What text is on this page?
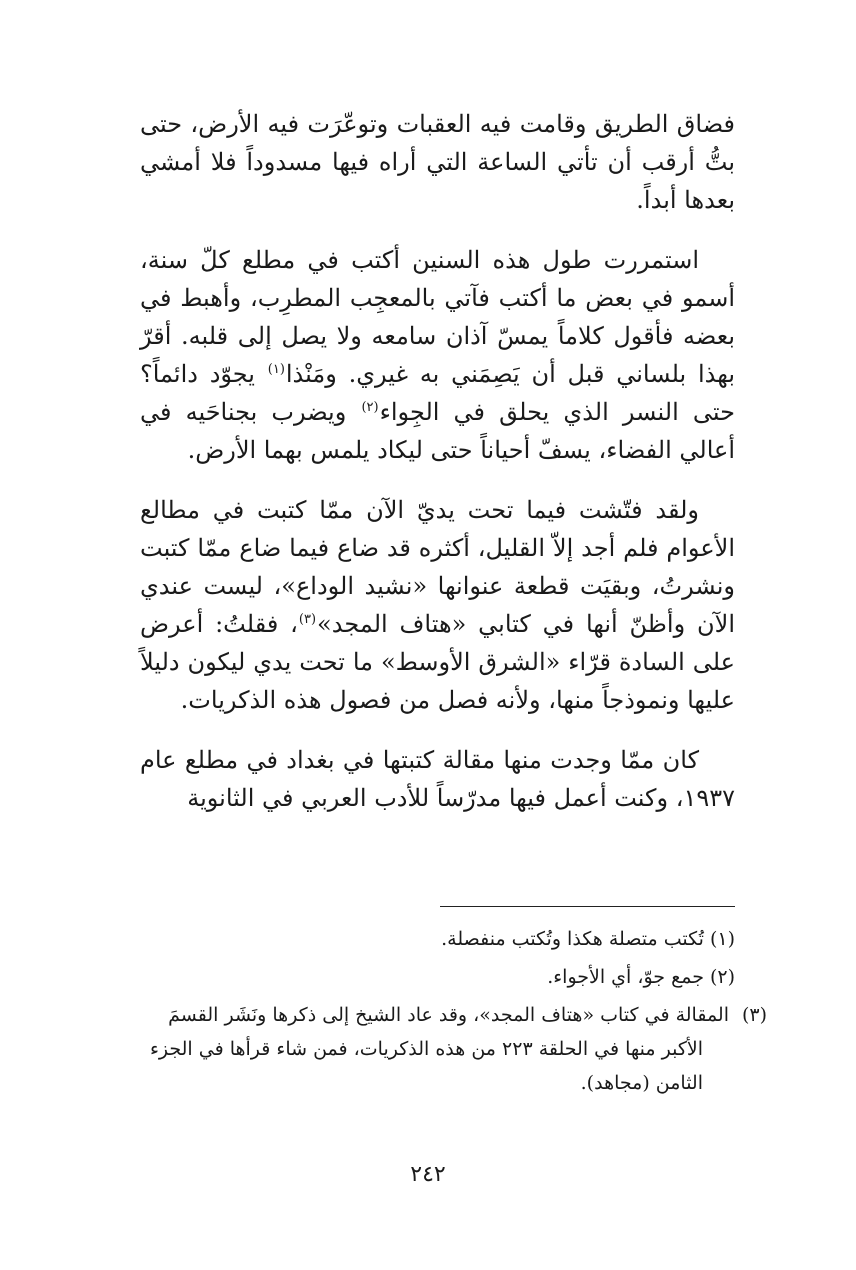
فضاق الطريق وقامت فيه العقبات وتوعّرَت فيه الأرض، حتى بتُّ أرقب أن تأتي الساعة التي أراه فيها مسدوداً فلا أمشي بعدها أبداً.

استمررت طول هذه السنين أكتب في مطلع كلّ سنة، أسمو في بعض ما أكتب فآتي بالمعجِب المطرِب، وأهبط في بعضه فأقول كلاماً يمسّ آذان سامعه ولا يصل إلى قلبه. أقرّ بهذا بلساني قبل أن يَصِمَني به غيري. ومَنْذا$^{(١)}$ يجوّد دائماً؟ حتى النسر الذي يحلق في الجِواء$^{(٢)}$ ويضرب بجناحَيه في أعالي الفضاء، يسفّ أحياناً حتى ليكاد يلمس بهما الأرض.

ولقد فتّشت فيما تحت يديّ الآن ممّا كتبت في مطالع الأعوام فلم أجد إلاّ القليل، أكثره قد ضاع فيما ضاع ممّا كتبت ونشرتُ، وبقيَت قطعة عنوانها «نشيد الوداع»، ليست عندي الآن وأظنّ أنها في كتابي «هتاف المجد»$^{(٣)}$، فقلتُ: أعرض على السادة قرّاء «الشرق الأوسط» ما تحت يدي ليكون دليلاً عليها ونموذجاً منها، ولأنه فصل من فصول هذه الذكريات.

كان ممّا وجدت منها مقالة كتبتها في بغداد في مطلع عام ١٩٣٧، وكنت أعمل فيها مدرّساً للأدب العربي في الثانوية

(١)تُكتب متصلة هكذا وتُكتب منفصلة.

(٢)جمع جوّ، أي الأجواء.

(٣)المقالة في كتاب «هتاف المجد»، وقد عاد الشيخ إلى ذكرها ونَشَر القسمَ الأكبر منها في الحلقة ٢٢٣ من هذه الذكريات، فمن شاء قرأها في الجزء الثامن (مجاهد).

٢٤٢
